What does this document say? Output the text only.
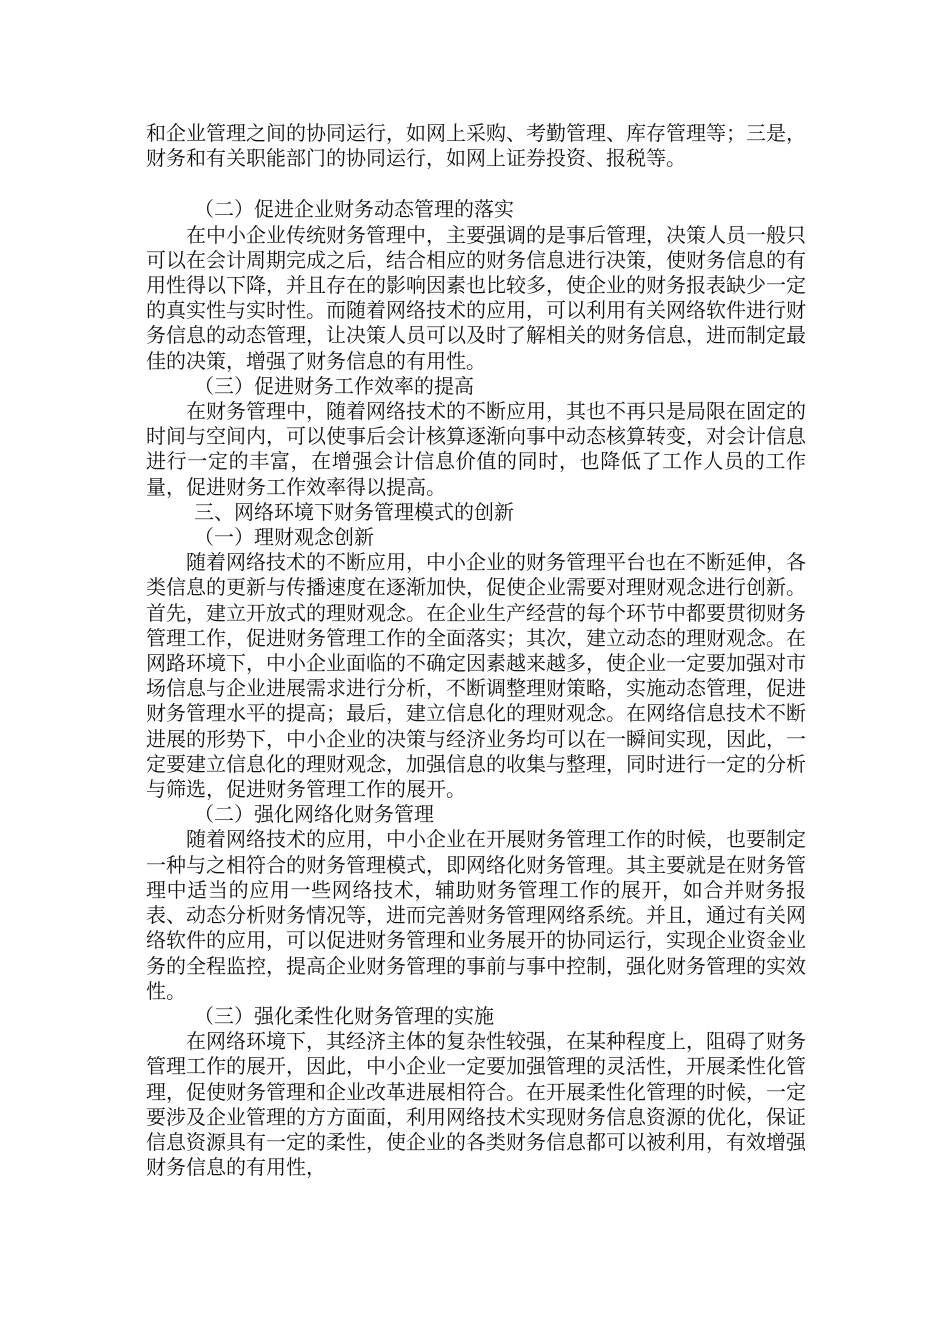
和企业管理之间的协同运行，如网上采购、考勤管理、库存管理等；三是，财务和有关职能部门的协同运行，如网上证券投资、报税等。

（二）促进企业财务动态管理的落实

在中小企业传统财务管理中，主要强调的是事后管理，决策人员一般只可以在会计周期完成之后，结合相应的财务信息进行决策，使财务信息的有用性得以下降，并且存在的影响因素也比较多，使企业的财务报表缺少一定的真实性与实时性。而随着网络技术的应用，可以利用有关网络软件进行财务信息的动态管理，让决策人员可以及时了解相关的财务信息，进而制定最佳的决策，增强了财务信息的有用性。

（三）促进财务工作效率的提高

在财务管理中，随着网络技术的不断应用，其也不再只是局限在固定的时间与空间内，可以使事后会计核算逐渐向事中动态核算转变，对会计信息进行一定的丰富，在增强会计信息价值的同时，也降低了工作人员的工作量，促进财务工作效率得以提高。

三、网络环境下财务管理模式的创新

（一）理财观念创新

随着网络技术的不断应用，中小企业的财务管理平台也在不断延伸，各类信息的更新与传播速度在逐渐加快，促使企业需要对理财观念进行创新。首先，建立开放式的理财观念。在企业生产经营的每个环节中都要贯彻财务管理工作，促进财务管理工作的全面落实；其次，建立动态的理财观念。在网路环境下，中小企业面临的不确定因素越来越多，使企业一定要加强对市场信息与企业进展需求进行分析，不断调整理财策略，实施动态管理，促进财务管理水平的提高；最后，建立信息化的理财观念。在网络信息技术不断进展的形势下，中小企业的决策与经济业务均可以在一瞬间实现，因此，一定要建立信息化的理财观念，加强信息的收集与整理，同时进行一定的分析与筛选，促进财务管理工作的展开。

（二）强化网络化财务管理

随着网络技术的应用，中小企业在开展财务管理工作的时候，也要制定一种与之相符合的财务管理模式，即网络化财务管理。其主要就是在财务管理中适当的应用一些网络技术，辅助财务管理工作的展开，如合并财务报表、动态分析财务情况等，进而完善财务管理网络系统。并且，通过有关网络软件的应用，可以促进财务管理和业务展开的协同运行，实现企业资金业务的全程监控，提高企业财务管理的事前与事中控制，强化财务管理的实效性。

（三）强化柔性化财务管理的实施

在网络环境下，其经济主体的复杂性较强，在某种程度上，阻碍了财务管理工作的展开，因此，中小企业一定要加强管理的灵活性，开展柔性化管理，促使财务管理和企业改革进展相符合。在开展柔性化管理的时候，一定要涉及企业管理的方方面面，利用网络技术实现财务信息资源的优化，保证信息资源具有一定的柔性，使企业的各类财务信息都可以被利用，有效增强财务信息的有用性，
